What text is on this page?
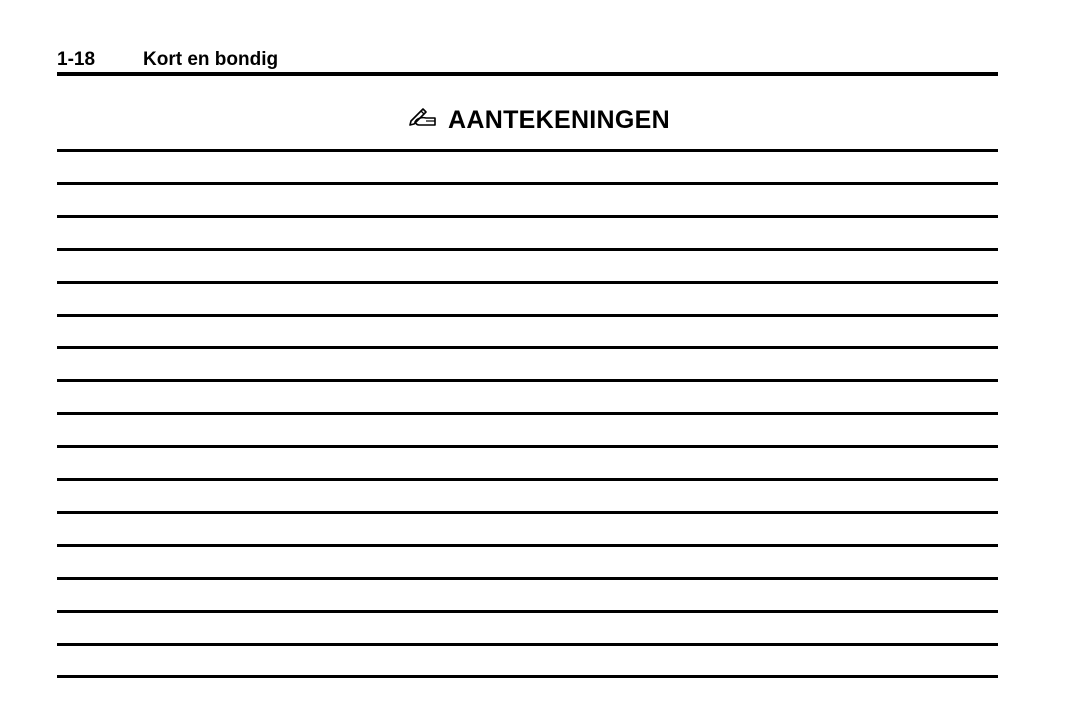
1-18	Kort en bondig
AANTEKENINGEN
